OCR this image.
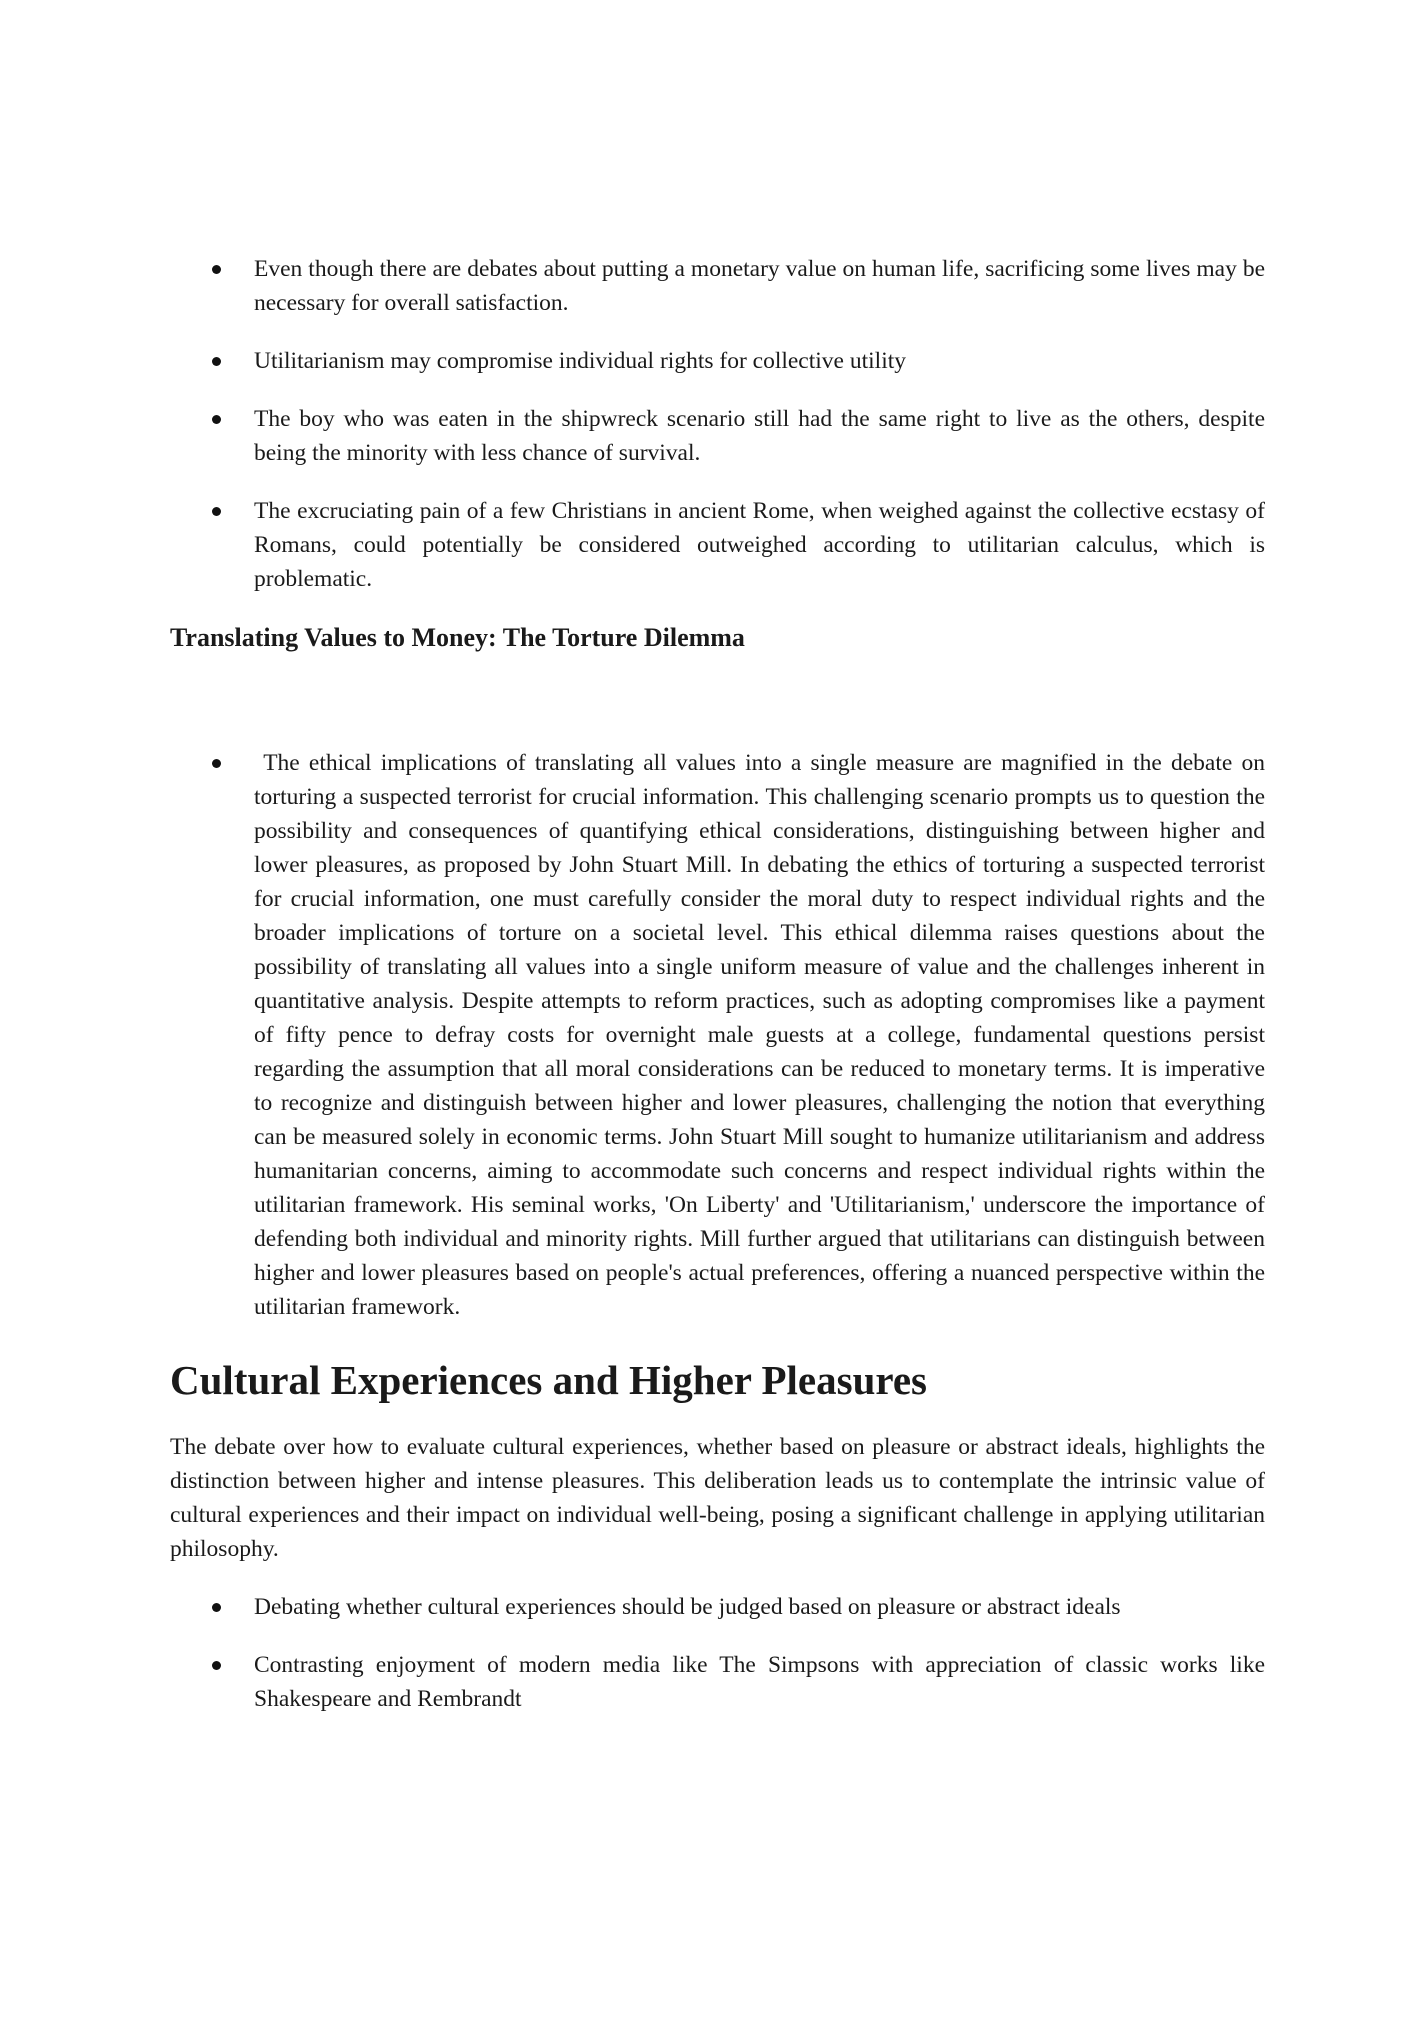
Even though there are debates about putting a monetary value on human life, sacrificing some lives may be necessary for overall satisfaction.
Utilitarianism may compromise individual rights for collective utility
The boy who was eaten in the shipwreck scenario still had the same right to live as the others, despite being the minority with less chance of survival.
The excruciating pain of a few Christians in ancient Rome, when weighed against the collective ecstasy of Romans, could potentially be considered outweighed according to utilitarian calculus, which is problematic.
Translating Values to Money: The Torture Dilemma
The ethical implications of translating all values into a single measure are magnified in the debate on torturing a suspected terrorist for crucial information. This challenging scenario prompts us to question the possibility and consequences of quantifying ethical considerations, distinguishing between higher and lower pleasures, as proposed by John Stuart Mill. In debating the ethics of torturing a suspected terrorist for crucial information, one must carefully consider the moral duty to respect individual rights and the broader implications of torture on a societal level. This ethical dilemma raises questions about the possibility of translating all values into a single uniform measure of value and the challenges inherent in quantitative analysis. Despite attempts to reform practices, such as adopting compromises like a payment of fifty pence to defray costs for overnight male guests at a college, fundamental questions persist regarding the assumption that all moral considerations can be reduced to monetary terms. It is imperative to recognize and distinguish between higher and lower pleasures, challenging the notion that everything can be measured solely in economic terms. John Stuart Mill sought to humanize utilitarianism and address humanitarian concerns, aiming to accommodate such concerns and respect individual rights within the utilitarian framework. His seminal works, 'On Liberty' and 'Utilitarianism,' underscore the importance of defending both individual and minority rights. Mill further argued that utilitarians can distinguish between higher and lower pleasures based on people's actual preferences, offering a nuanced perspective within the utilitarian framework.
Cultural Experiences and Higher Pleasures

The debate over how to evaluate cultural experiences, whether based on pleasure or abstract ideals, highlights the distinction between higher and intense pleasures. This deliberation leads us to contemplate the intrinsic value of cultural experiences and their impact on individual well-being, posing a significant challenge in applying utilitarian philosophy.

Debating whether cultural experiences should be judged based on pleasure or abstract ideals
Contrasting enjoyment of modern media like The Simpsons with appreciation of classic works like Shakespeare and Rembrandt
